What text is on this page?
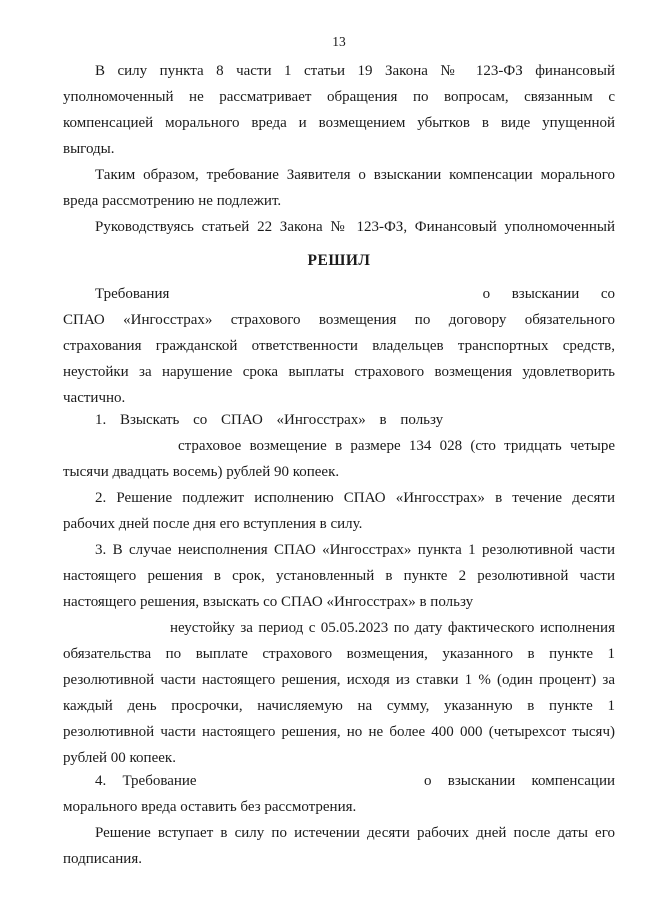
13
В силу пункта 8 части 1 статьи 19 Закона № 123-ФЗ финансовый
уполномоченный не рассматривает обращения по вопросам, связанным с
компенсацией морального вреда и возмещением убытков в виде упущенной
выгоды.
Таким образом, требование Заявителя о взыскании компенсации морального
вреда рассмотрению не подлежит.
Руководствуясь статьей 22 Закона № 123-ФЗ, Финансовый уполномоченный
РЕШИЛ
Требования	о взыскании со
СПАО «Ингосстрах» страхового возмещения по договору обязательного
страхования гражданской ответственности владельцев транспортных средств,
неустойки за нарушение срока выплаты страхового возмещения удовлетворить
частично.
1. Взыскать со СПАО «Ингосстрах» в пользу
страховое возмещение в размере 134 028 (сто тридцать четыре
тысячи двадцать восемь) рублей 90 копеек.
2. Решение подлежит исполнению СПАО «Ингосстрах» в течение десяти
рабочих дней после дня его вступления в силу.
3. В случае неисполнения СПАО «Ингосстрах» пункта 1 резолютивной части
настоящего решения в срок, установленный в пункте 2 резолютивной части
настоящего решения, взыскать со СПАО «Ингосстрах» в пользу
неустойку за период с 05.05.2023 по дату фактического исполнения
обязательства по выплате страхового возмещения, указанного в пункте 1
резолютивной части настоящего решения, исходя из ставки 1 % (один процент) за
каждый день просрочки, начисляемую на сумму, указанную в пункте 1
резолютивной части настоящего решения, но не более 400 000 (четырехсот тысяч)
рублей 00 копеек.
4. Требование	о взыскании компенсации
морального вреда оставить без рассмотрения.
Решение вступает в силу по истечении десяти рабочих дней после даты его
подписания.
